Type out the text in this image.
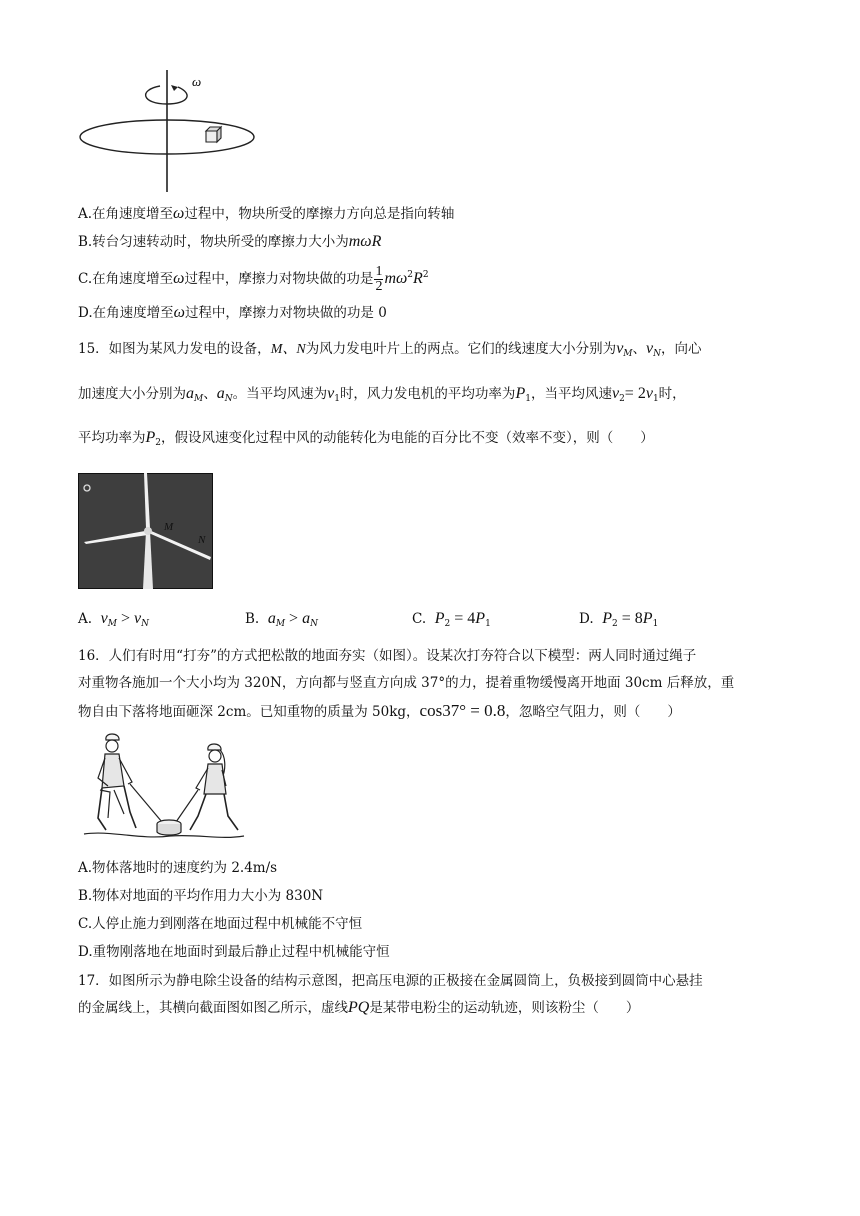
ω
A.在角速度增至ω过程中，物块所受的摩擦力方向总是指向转轴
B.转台匀速转动时，物块所受的摩擦力大小为mωR
C.在角速度增至ω过程中，摩擦力对物块做的功是 $\frac{1}{2} m\omega^2R^2$
D.在角速度增至ω过程中，摩擦力对物块做的功是 0
15．如图为某风力发电的设备，M、N为风力发电叶片上的两点。它们的线速度大小分别为$v_M$、$v_N$，向心
加速度大小分别为$a_M$、$a_N$。当平均风速为$v_1$时，风力发电机的平均功率为$P_1$，当平均风速$v_2= 2v_1$时，
平均功率为$P_2$，假设风速变化过程中风的动能转化为电能的百分比不变（效率不变），则（　　）
M
N
A. $v_M > v_N$	B. $a_M > a_N$	C. $P_2 = 4P_1$	D. $P_2 = 8P_1$
16．人们有时用“打夯”的方式把松散的地面夯实（如图）。设某次打夯符合以下模型：两人同时通过绳子
对重物各施加一个大小均为 320N，方向都与竖直方向成 37°的力，提着重物缓慢离开地面 30cm 后释放，重
物自由下落将地面砸深 2cm。已知重物的质量为 50kg，cos37° = 0.8，忽略空气阻力，则（　　）
A.物体落地时的速度约为 2.4m/s
B.物体对地面的平均作用力大小为 830N
C.人停止施力到刚落在地面过程中机械能不守恒
D.重物刚落地在地面时到最后静止过程中机械能守恒
17．如图所示为静电除尘设备的结构示意图，把高压电源的正极接在金属圆筒上，负极接到圆筒中心悬挂
的金属线上，其横向截面图如图乙所示，虚线PQ是某带电粉尘的运动轨迹，则该粉尘（　　）
